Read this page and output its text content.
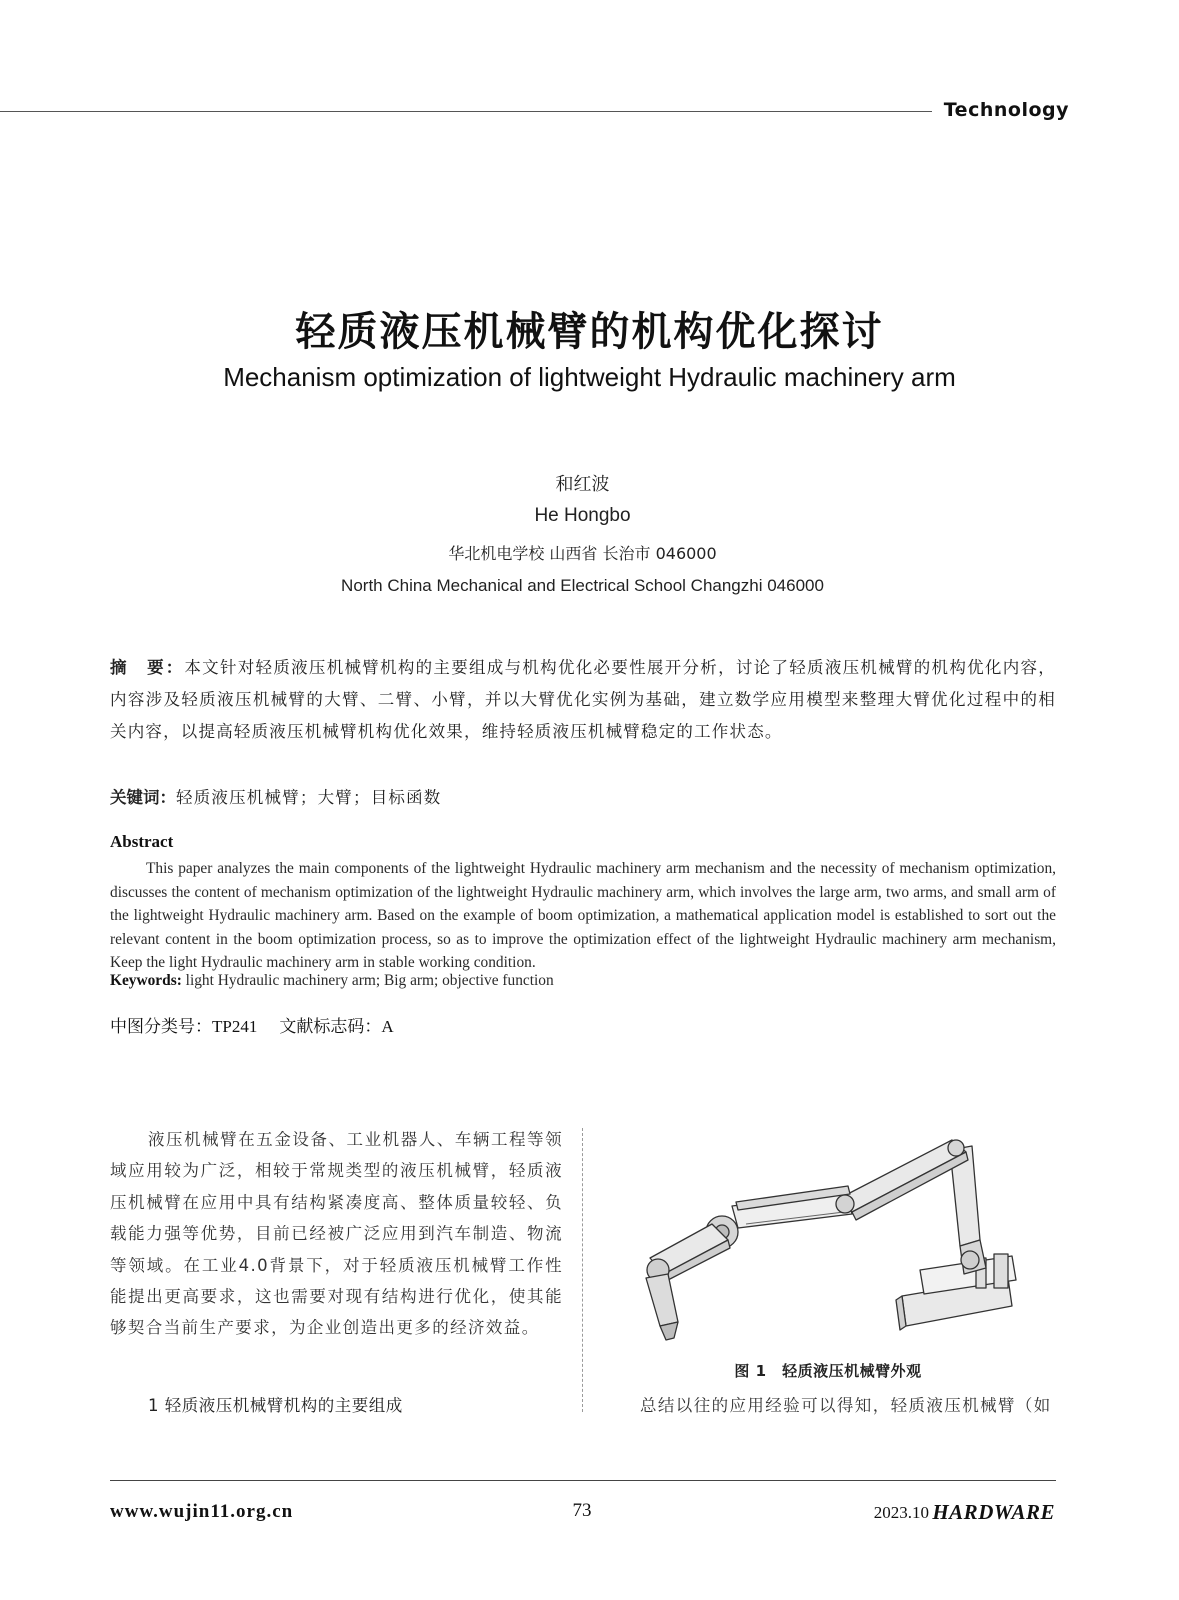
Technology
轻质液压机械臂的机构优化探讨
Mechanism optimization of lightweight Hydraulic machinery arm
和红波
He Hongbo
华北机电学校 山西省 长治市 046000
North China Mechanical and Electrical School Changzhi 046000
摘　要：本文针对轻质液压机械臂机构的主要组成与机构优化必要性展开分析，讨论了轻质液压机械臂的机构优化内容，内容涉及轻质液压机械臂的大臂、二臂、小臂，并以大臂优化实例为基础，建立数学应用模型来整理大臂优化过程中的相关内容，以提高轻质液压机械臂机构优化效果，维持轻质液压机械臂稳定的工作状态。
关键词：轻质液压机械臂；大臂；目标函数
Abstract
This paper analyzes the main components of the lightweight Hydraulic machinery arm mechanism and the necessity of mechanism optimization, discusses the content of mechanism optimization of the lightweight Hydraulic machinery arm, which involves the large arm, two arms, and small arm of the lightweight Hydraulic machinery arm. Based on the example of boom optimization, a mathematical application model is established to sort out the relevant content in the boom optimization process, so as to improve the optimization effect of the lightweight Hydraulic machinery arm mechanism, Keep the light Hydraulic machinery arm in stable working condition.
Keywords: light Hydraulic machinery arm; Big arm; objective function
中图分类号：TP241 文献标志码：A

液压机械臂在五金设备、工业机器人、车辆工程等领域应用较为广泛，相较于常规类型的液压机械臂，轻质液压机械臂在应用中具有结构紧凑度高、整体质量较轻、负载能力强等优势，目前已经被广泛应用到汽车制造、物流等领域。在工业4.0背景下，对于轻质液压机械臂工作性能提出更高要求，这也需要对现有结构进行优化，使其能够契合当前生产要求，为企业创造出更多的经济效益。

1 轻质液压机械臂机构的主要组成
图 1　轻质液压机械臂外观
总结以往的应用经验可以得知，轻质液压机械臂（如
www.wujin11.org.cn	73	HARDWARE
2023.10
